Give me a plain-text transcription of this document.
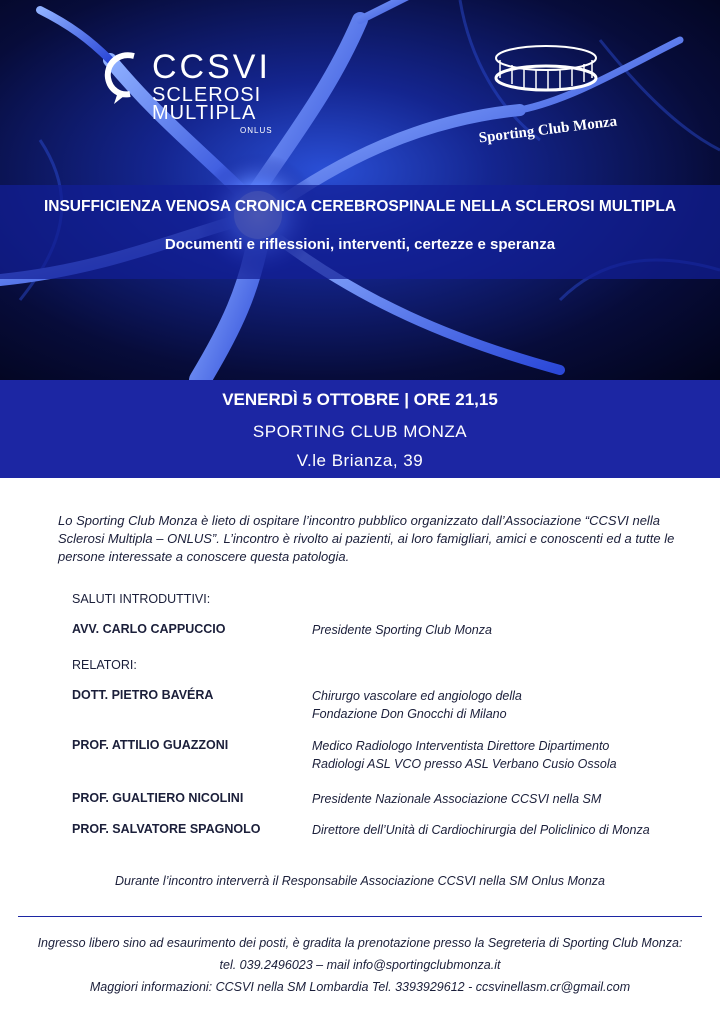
CCSVI
SCLEROSI
MULTIPLA
ONLUS	Sporting Club Monza
INSUFFICIENZA VENOSA CRONICA CEREBROSPINALE NELLA SCLEROSI MULTIPLA
Documenti e riflessioni, interventi, certezze e speranza
VENERDÌ 5 OTTOBRE | ORE 21,15
SPORTING CLUB MONZA
V.le Brianza, 39

Lo Sporting Club Monza è lieto di ospitare l’incontro pubblico organizzato dall’Associazione “CCSVI nella Sclerosi Multipla – ONLUS”. L’incontro è rivolto ai pazienti, ai loro famigliari, amici e conoscenti ed a tutte le persone interessate a conoscere questa patologia.

SALUTI INTRODUTTIVI:
AVV. CARLO CAPPUCCIO	Presidente Sporting Club Monza
RELATORI:
DOTT. PIETRO BAVÉRA	Chirurgo vascolare ed angiologo della
Fondazione Don Gnocchi di Milano
PROF. ATTILIO GUAZZONI	Medico Radiologo Interventista Direttore Dipartimento
Radiologi ASL VCO presso ASL Verbano Cusio Ossola
PROF. GUALTIERO NICOLINI	Presidente Nazionale Associazione CCSVI nella SM
PROF. SALVATORE SPAGNOLO	Direttore dell’Unità di Cardiochirurgia del Policlinico di Monza
Durante l’incontro interverrà il Responsabile Associazione CCSVI nella SM Onlus Monza
Ingresso libero sino ad esaurimento dei posti, è gradita la prenotazione presso la Segreteria di Sporting Club Monza:
tel. 039.2496023 – mail info@sportingclubmonza.it
Maggiori informazioni: CCSVI nella SM Lombardia Tel. 3393929612 - ccsvinellasm.cr@gmail.com
